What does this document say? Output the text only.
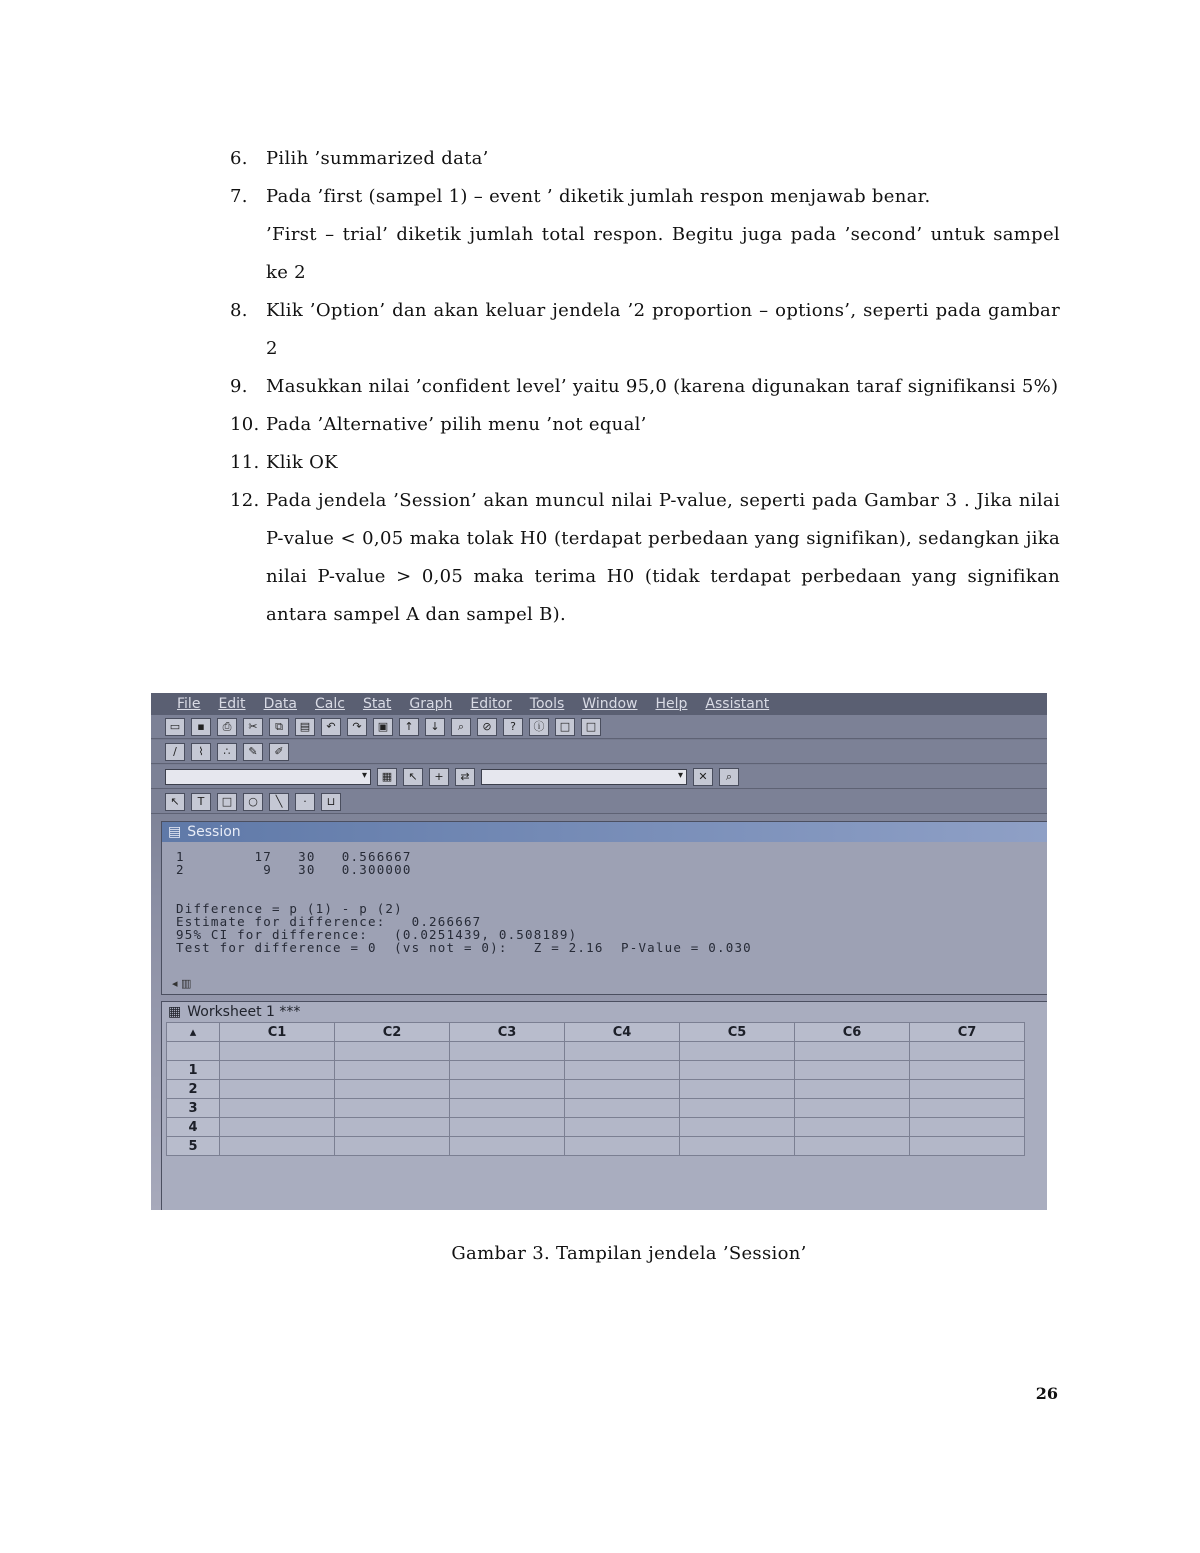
6.	Pilih ’summarized data’

7.	Pada ’first (sampel 1) – event ’ diketik jumlah respon menjawab benar.

’First – trial’ diketik jumlah total respon. Begitu juga pada ’second’ untuk sampel ke 2

8.	Klik ’Option’ dan akan keluar jendela ’2 proportion – options’, seperti pada gambar 2

9.	Masukkan nilai ’confident level’ yaitu 95,0 (karena digunakan taraf signifikansi 5%)

10. Pada ’Alternative’ pilih menu ’not equal’

11. Klik OK

12. Pada jendela ’Session’ akan muncul nilai P-value, seperti pada Gambar 3 . Jika nilai P-value < 0,05 maka tolak H0 (terdapat perbedaan yang signifikan), sedangkan jika nilai P-value > 0,05 maka terima H0 (tidak terdapat perbedaan yang signifikan antara sampel A dan sampel B).

File Edit Data Calc Stat Graph Editor Tools Window Help Assistant
▭	▪	⎙	✂	⧉	▤	↶	↷	▣	↑	↓	⌕	⊘	?	ⓘ	□	□
∕	⌇	∴	✎	✐
▾	▦	↖	+	⇄	▾	✕	⌕
↖	T	□	○	╲	·	⊔
▤ Session
1        17   30   0.566667
2         9   30   0.300000

Difference = p (1) - p (2)
Estimate for difference:   0.266667
95% CI for difference:   (0.0251439, 0.508189)
Test for difference = 0  (vs not = 0):   Z = 2.16  P-Value = 0.030
◂ ▥
▦ Worksheet 1 ***
▴	C1	C2	C3	C4	C5	C6	C7

1							
2							
3							
4							
5							
Gambar 3. Tampilan jendela ’Session’
26
